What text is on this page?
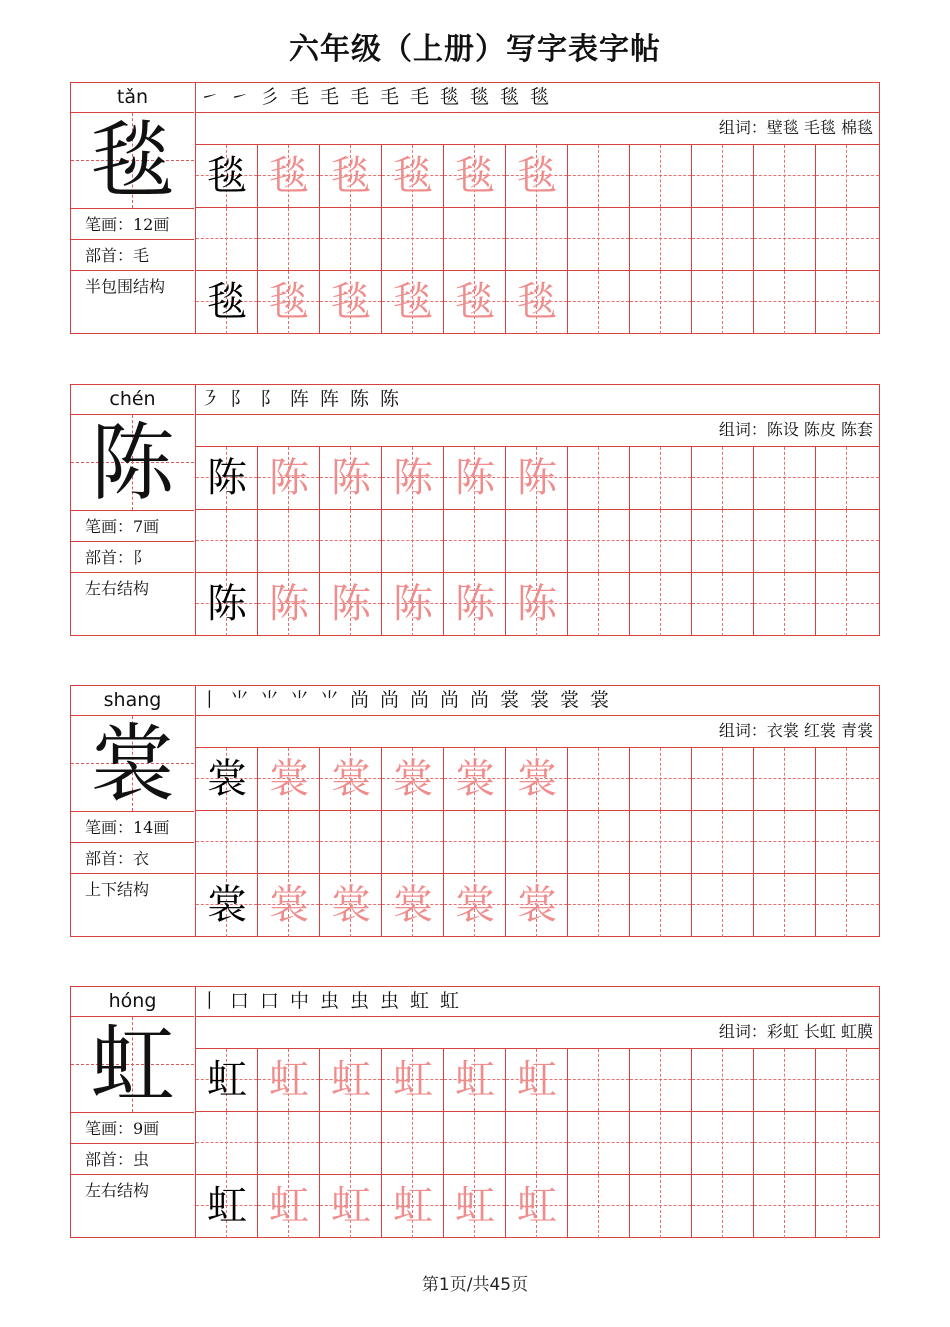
六年级（上册）写字表字帖
tǎn
毯
笔画：12画
部首：毛
半包围结构
㇀ ㇀ 彡 毛 毛 毛 毛 毛 毯 毯 毯 毯
组词：壁毯 毛毯 棉毯
毯 毯 毯 毯 毯 毯
毯 毯 毯 毯 毯 毯
chén
陈
笔画：7画
部首：阝
左右结构
㇋ 阝 阝 阵 阵 陈 陈
组词：陈设 陈皮 陈套
陈 陈 陈 陈 陈 陈
陈 陈 陈 陈 陈 陈
shang
裳
笔画：14画
部首：衣
上下结构
丨 ⺌ ⺌ ⺌ ⺌ 尚 尚 尚 尚 尚 裳 裳 裳 裳
组词：衣裳 红裳 青裳
裳 裳 裳 裳 裳 裳
裳 裳 裳 裳 裳 裳
hóng
虹
笔画：9画
部首：虫
左右结构
丨 口 口 中 虫 虫 虫 虹 虹
组词：彩虹 长虹 虹膜
虹 虹 虹 虹 虹 虹
虹 虹 虹 虹 虹 虹
第1页/共45页
